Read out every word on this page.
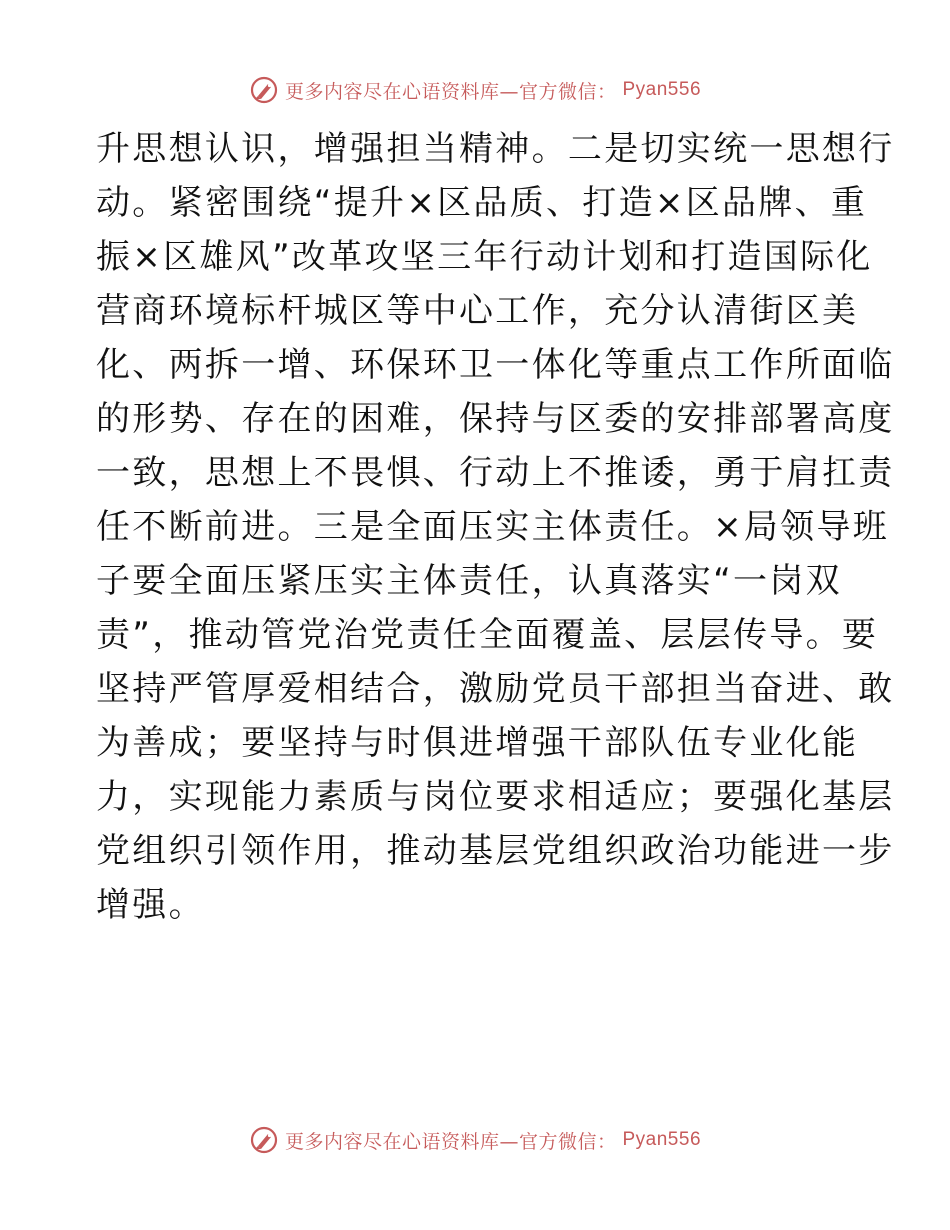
更多内容尽在心语资料库—官方微信： Pyan556
升思想认识，增强担当精神。二是切实统一思想行
动。紧密围绕“提升×区品质、打造×区品牌、重
振×区雄风”改革攻坚三年行动计划和打造国际化
营商环境标杆城区等中心工作，充分认清街区美
化、两拆一增、环保环卫一体化等重点工作所面临
的形势、存在的困难，保持与区委的安排部署高度
一致，思想上不畏惧、行动上不推诿，勇于肩扛责
任不断前进。三是全面压实主体责任。×局领导班
子要全面压紧压实主体责任，认真落实“一岗双
责”，推动管党治党责任全面覆盖、层层传导。要
坚持严管厚爱相结合，激励党员干部担当奋进、敢
为善成；要坚持与时俱进增强干部队伍专业化能
力，实现能力素质与岗位要求相适应；要强化基层
党组织引领作用，推动基层党组织政治功能进一步
增强。
更多内容尽在心语资料库—官方微信： Pyan556
